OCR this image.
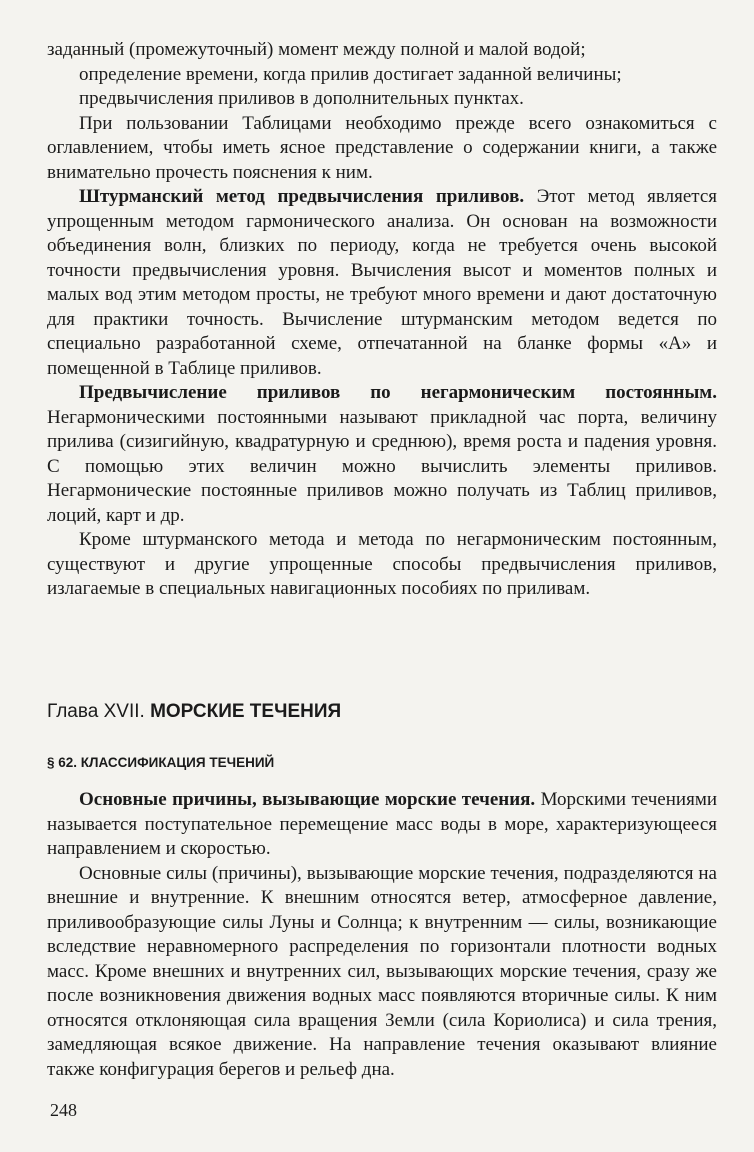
заданный (промежуточный) момент между полной и малой водой;

определение времени, когда прилив достигает заданной величины;

предвычисления приливов в дополнительных пунктах.

При пользовании Таблицами необходимо прежде всего ознакомиться с оглавлением, чтобы иметь ясное представление о содержании книги, а также внимательно прочесть пояснения к ним.

Штурманский метод предвычисления приливов. Этот метод является упрощенным методом гармонического анализа. Он основан на возможности объединения волн, близких по периоду, когда не требуется очень высокой точности предвычисления уровня. Вычисления высот и моментов полных и малых вод этим методом просты, не требуют много времени и дают достаточную для практики точность. Вычисление штурманским методом ведется по специально разработанной схеме, отпечатанной на бланке формы «А» и помещенной в Таблице приливов.

Предвычисление приливов по негармоническим постоянным. Негармоническими постоянными называют прикладной час порта, величину прилива (сизигийную, квадратурную и среднюю), время роста и падения уровня. С помощью этих величин можно вычислить элементы приливов. Негармонические постоянные приливов можно получать из Таблиц приливов, лоций, карт и др.

Кроме штурманского метода и метода по негармоническим постоянным, существуют и другие упрощенные способы предвычисления приливов, излагаемые в специальных навигационных пособиях по приливам.

Глава XVII. МОРСКИЕ ТЕЧЕНИЯ

§ 62. КЛАССИФИКАЦИЯ ТЕЧЕНИЙ

Основные причины, вызывающие морские течения. Морскими течениями называется поступательное перемещение масс воды в море, характеризующееся направлением и скоростью.

Основные силы (причины), вызывающие морские течения, подразделяются на внешние и внутренние. К внешним относятся ветер, атмосферное давление, приливообразующие силы Луны и Солнца; к внутренним — силы, возникающие вследствие неравномерного распределения по горизонтали плотности водных масс. Кроме внешних и внутренних сил, вызывающих морские течения, сразу же после возникновения движения водных масс появляются вторичные силы. К ним относятся отклоняющая сила вращения Земли (сила Кориолиса) и сила трения, замедляющая всякое движение. На направление течения оказывают влияние также конфигурация берегов и рельеф дна.

248
